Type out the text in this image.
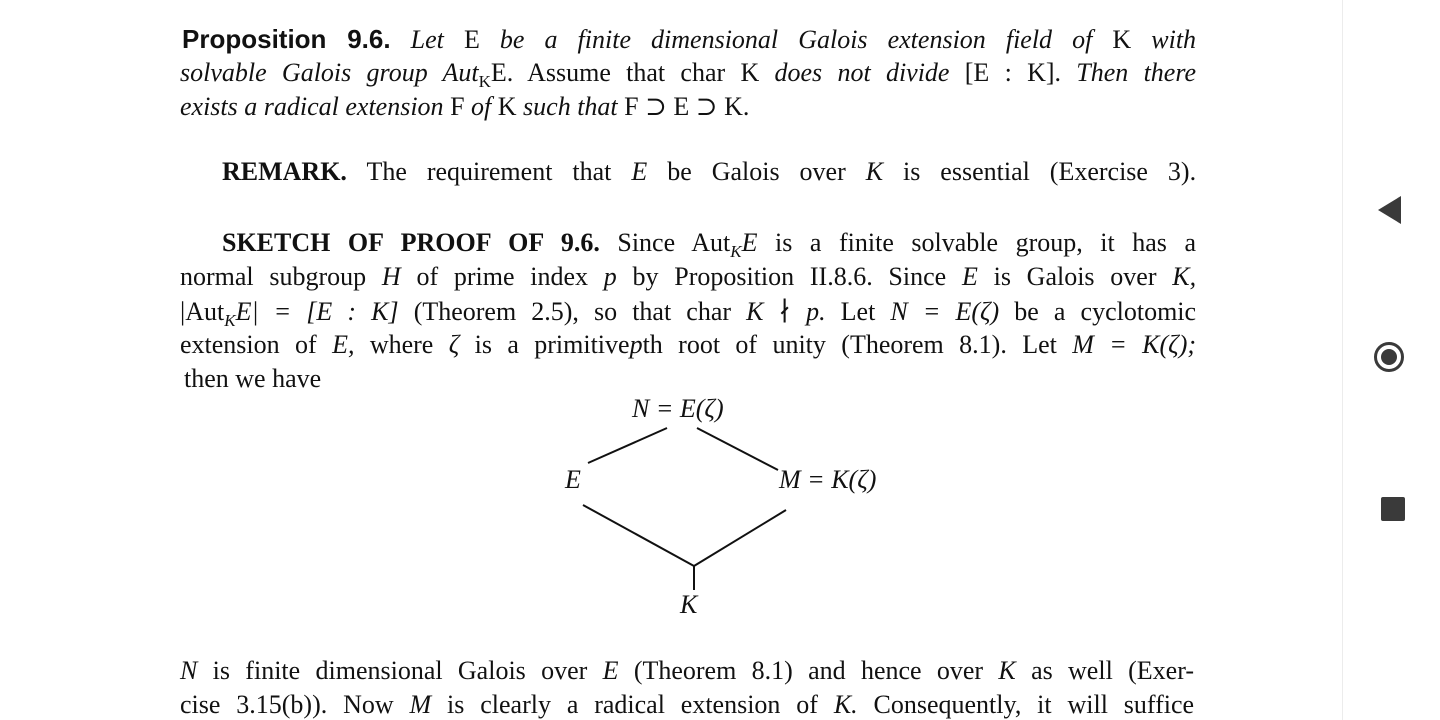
Proposition 9.6. Let E be a finite dimensional Galois extension field of K with
solvable Galois group Aut$_K$E. Assume that char K does not divide [E : K]. Then there
exists a radical extension F of K such that F ⊃ E ⊃ K.
REMARK. The requirement that E be Galois over K is essential (Exercise 3).
SKETCH OF PROOF OF 9.6. Since Aut$_K$E is a finite solvable group, it has a
normal subgroup H of prime index p by Proposition II.8.6. Since E is Galois over K,
|Aut$_K$E| = [E : K] (Theorem 2.5), so that char K ∤ p. Let N = E(ζ) be a cyclotomic
extension of E, where ζ is a primitivepth root of unity (Theorem 8.1). Let M = K(ζ);
then we have
N = E(ζ)
E	M = K(ζ)
K
N is finite dimensional Galois over E (Theorem 8.1) and hence over K as well (Exer-
cise 3.15(b)). Now M is clearly a radical extension of K. Consequently, it will suffice
